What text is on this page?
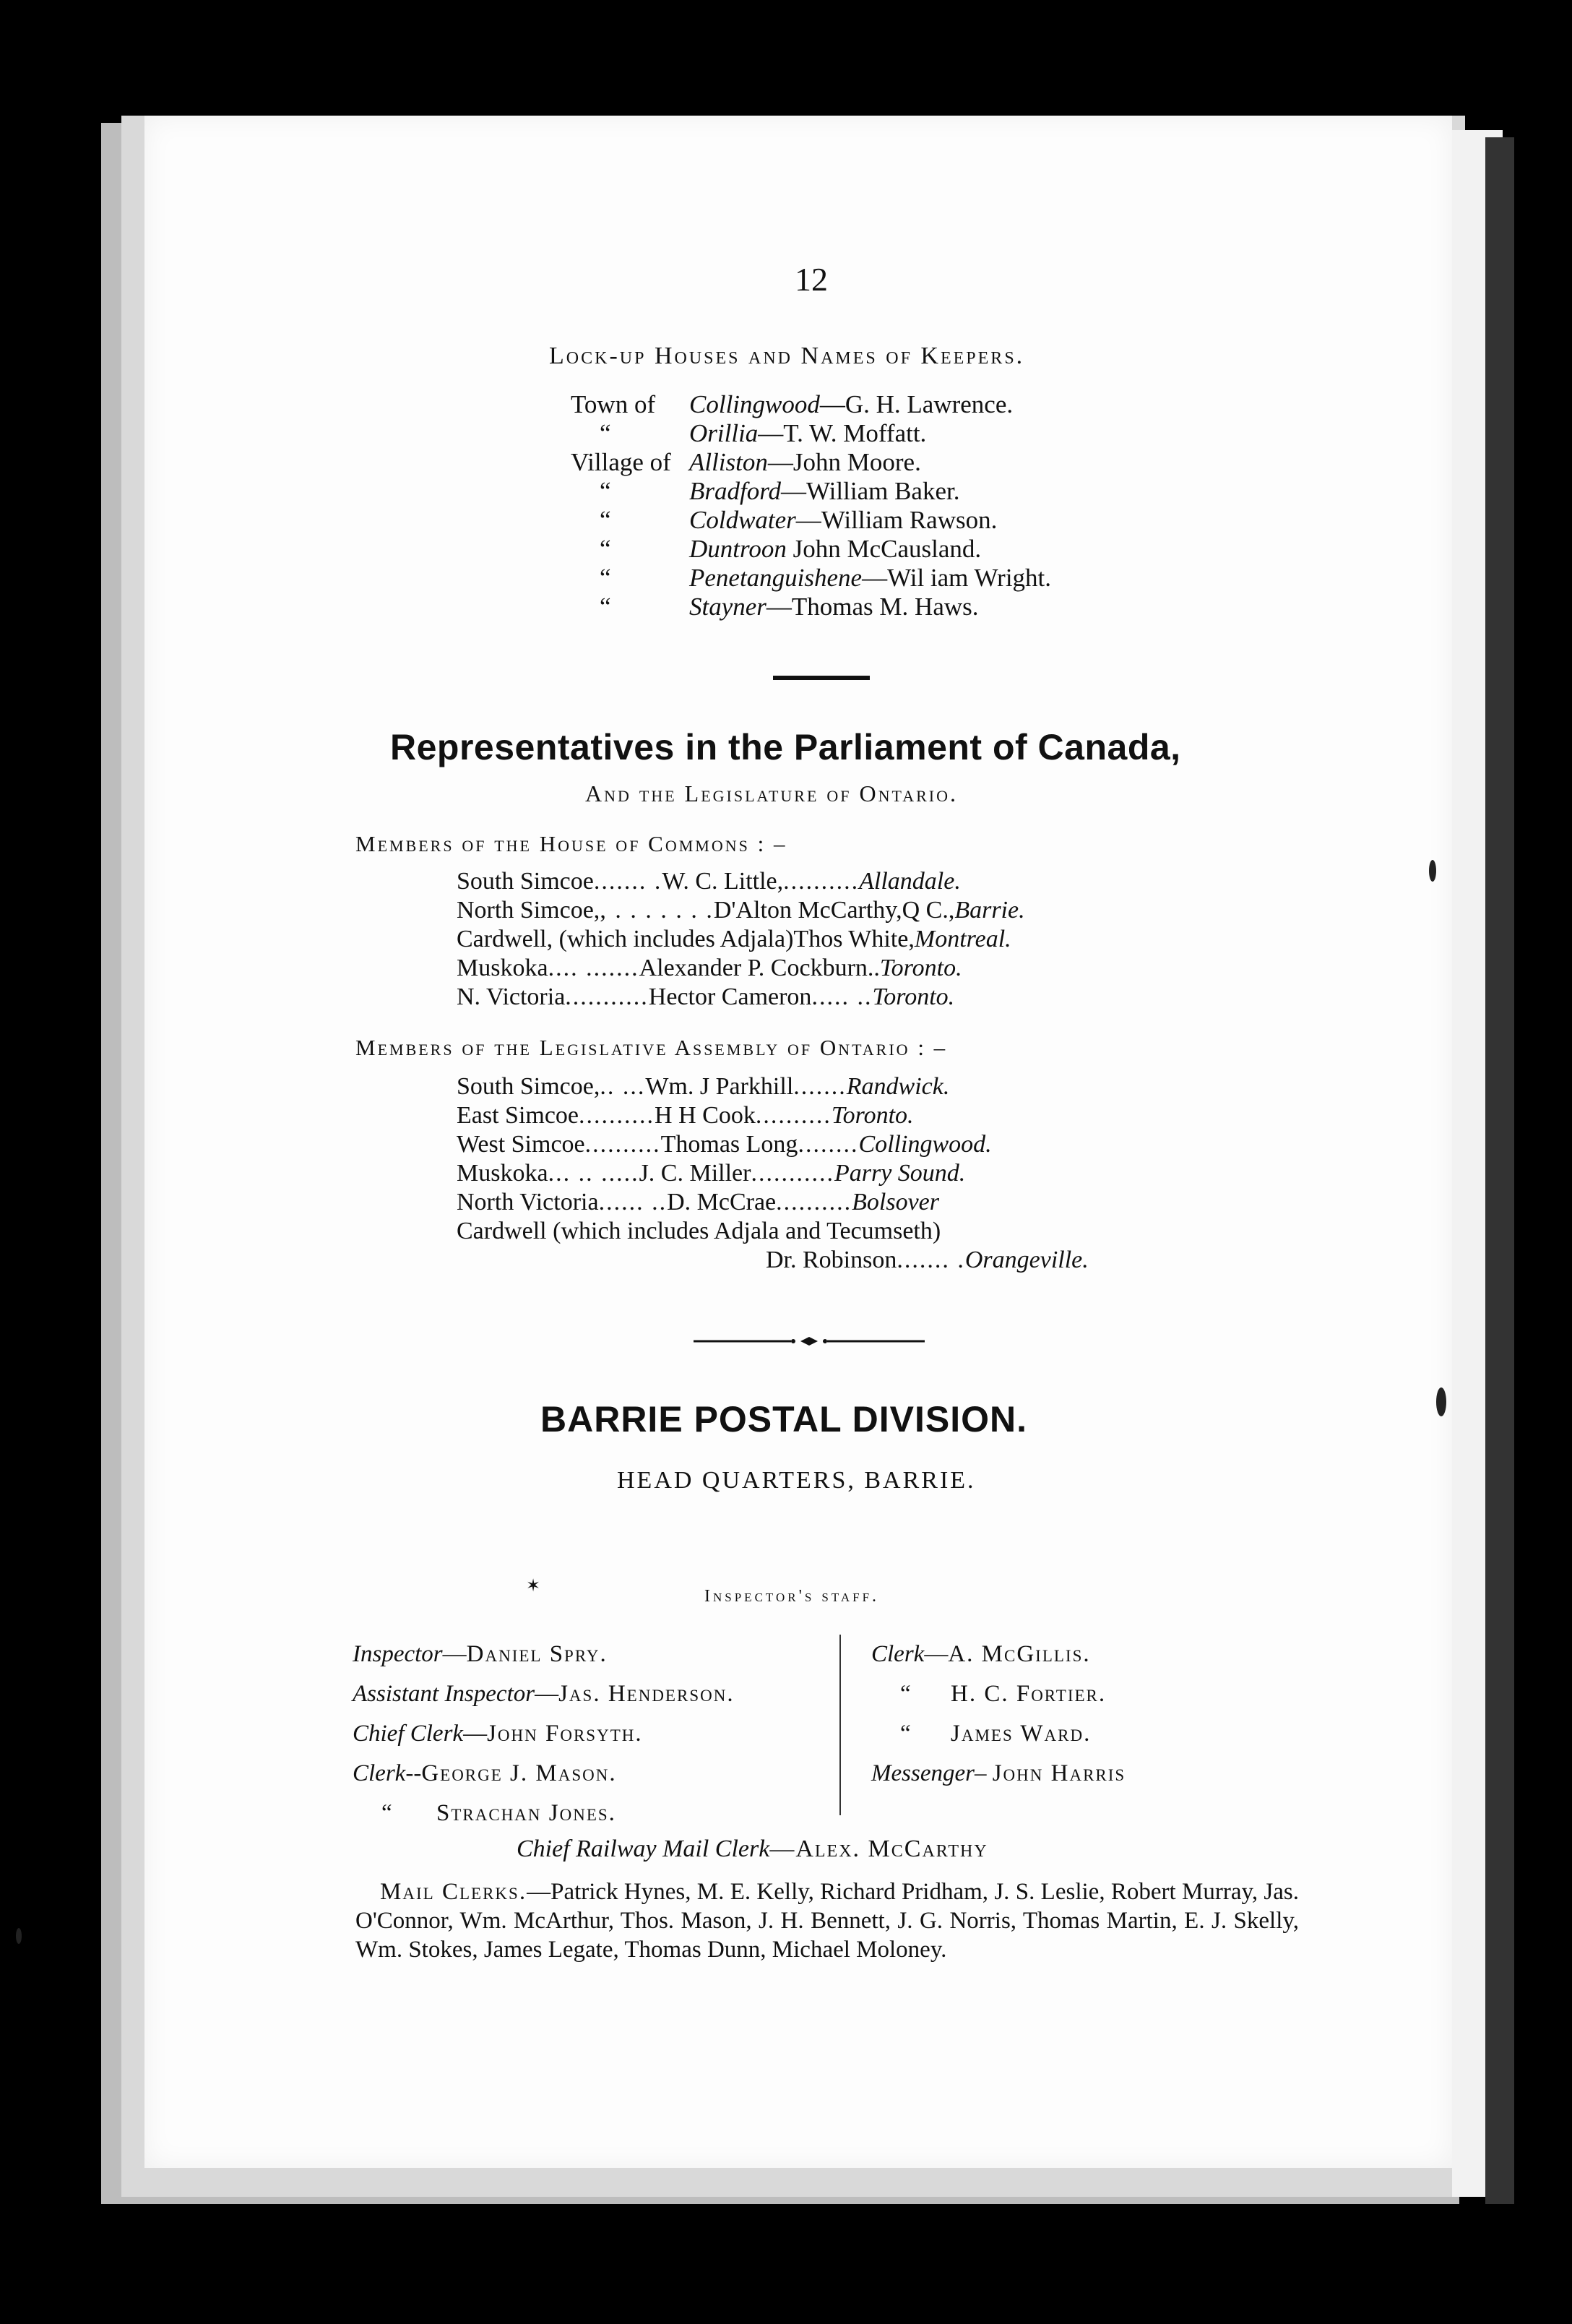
12
Lock-up Houses and Names of Keepers.
Town of Collingwood—G. H. Lawrence.
“	Orillia—T. W. Moffatt.
Village of Alliston—John Moore.
“	Bradford—William Baker.
“	Coldwater—William Rawson.
“	Duntroon John McCausland.
“	Penetanguishene—Wil iam Wright.
“	Stayner—Thomas M. Haws.
Representatives in the Parliament of Canada,
And the Legislature of Ontario.
Members of the House of Commons : –
South Simcoe ....... . W. C. Little, .......... Allandale.
North Simcoe, , . . . . . . . D'Alton McCarthy,Q C., Barrie.
Cardwell, (which includes Adjala) Thos White, Montreal.
Muskoka .... ....... Alexander P. Cockburn.. Toronto.
N. Victoria ........... Hector Cameron ..... .. Toronto.
Members of the Legislative Assembly of Ontario : –
South Simcoe, .. ... Wm. J Parkhill ....... Randwick.
East Simcoe .......... H H Cook .......... Toronto.
West Simcoe .......... Thomas Long ........ Collingwood.
Muskoka ... .. ..... J. C. Miller ........... Parry Sound.
North Victoria ...... .. D. McCrae .......... Bolsover
Cardwell (which includes Adjala and Tecumseth)
Dr. Robinson ....... . Orangeville.
BARRIE POSTAL DIVISION.
HEAD QUARTERS, BARRIE.
✶
Inspector's staff.
Inspector—Daniel Spry.
Assistant Inspector—Jas. Henderson.
Chief Clerk—John Forsyth.
Clerk--George J. Mason.
“ Strachan Jones.
Clerk—A. McGillis.
“ H. C. Fortier.
“ James Ward.
Messenger– John Harris
Chief Railway Mail Clerk—Alex. McCarthy
Mail Clerks.—Patrick Hynes, M. E. Kelly, Richard Pridham, J. S. Leslie, Robert Murray, Jas. O'Connor, Wm. McArthur, Thos. Mason, J. H. Bennett, J. G. Norris, Thomas Martin, E. J. Skelly, Wm. Stokes, James Legate, Thomas Dunn, Michael Moloney.
